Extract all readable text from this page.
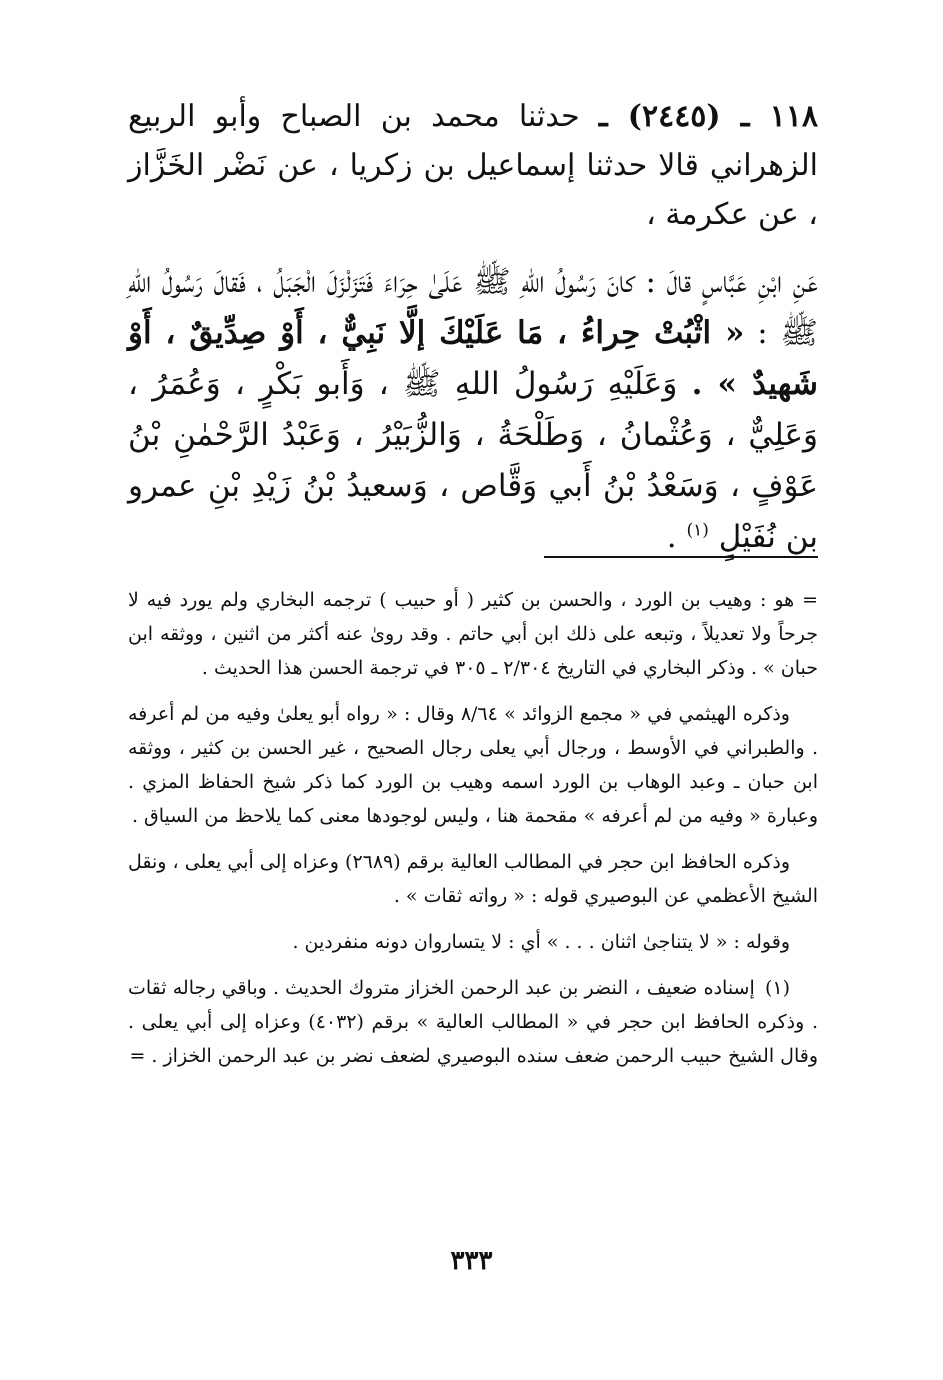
١١٨ ـ (٢٤٤٥) ـ حدثنا محمد بن الصباح وأبو الربيع الزهراني قالا حدثنا إسماعيل بن زكريا ، عن نَضْر الخَزَّاز ، عن عكرمة ،

عَنِ ابْنِ عَبَّاسٍ قالَ : كانَ رَسُولُ اللهِ ﷺ عَلَىٰ حِرَاءَ فَتَزَلْزَلَ الْجَبَلُ ، فَقالَ رَسُولُ اللهِ ﷺ : « اثْبُتْ حِراءُ ، مَا عَلَيْكَ إلَّا نَبِيٌّ ، أَوْ صِدِّيقٌ ، أَوْ شَهيدٌ » . وَعَلَيْهِ رَسُولُ اللهِ ﷺ ، وَأَبو بَكْرٍ ، وَعُمَرُ ، وَعَلِيٌّ ، وَعُثْمانُ ، وَطَلْحَةُ ، وَالزُّبَيْرُ ، وَعَبْدُ الرَّحْمٰنِ بْنُ عَوْفٍ ، وَسَعْدُ بْنُ أَبي وَقَّاص ، وَسعيدُ بْنُ زَيْدِ بْنِ عمرو بن نُفَيْلٍ $^{(١)}$ .

= هو : وهيب بن الورد ، والحسن بن كثير ( أو حبيب ) ترجمه البخاري ولم يورد فيه لا جرحاً ولا تعديلاً ، وتبعه على ذلك ابن أبي حاتم . وقد روىٰ عنه أكثر من اثنين ، ووثقه ابن حبان » . وذكر البخاري في التاريخ ٢/٣٠٤ ـ ٣٠٥ في ترجمة الحسن هذا الحديث .

وذكره الهيثمي في « مجمع الزوائد » ٨/٦٤ وقال : « رواه أبو يعلىٰ وفيه من لم أعرفه . والطبراني في الأوسط ، ورجال أبي يعلى رجال الصحيح ، غير الحسن بن كثير ، ووثقه ابن حبان ـ وعبد الوهاب بن الورد اسمه وهيب بن الورد كما ذكر شيخ الحفاظ المزي . وعبارة « وفيه من لم أعرفه » مقحمة هنا ، وليس لوجودها معنى كما يلاحظ من السياق .

وذكره الحافظ ابن حجر في المطالب العالية برقم (٢٦٨٩) وعزاه إلى أبي يعلى ، ونقل الشيخ الأعظمي عن البوصيري قوله : « رواته ثقات » .

وقوله : « لا يتناجىٰ اثنان . . . » أي : لا يتساروان دونه منفردين .

(١) إسناده ضعيف ، النضر بن عبد الرحمن الخزاز متروك الحديث . وباقي رجاله ثقات . وذكره الحافظ ابن حجر في « المطالب العالية » برقم (٤٠٣٢) وعزاه إلى أبي يعلى . وقال الشيخ حبيب الرحمن ضعف سنده البوصيري لضعف نضر بن عبد الرحمن الخزاز . =

٣٣٣
